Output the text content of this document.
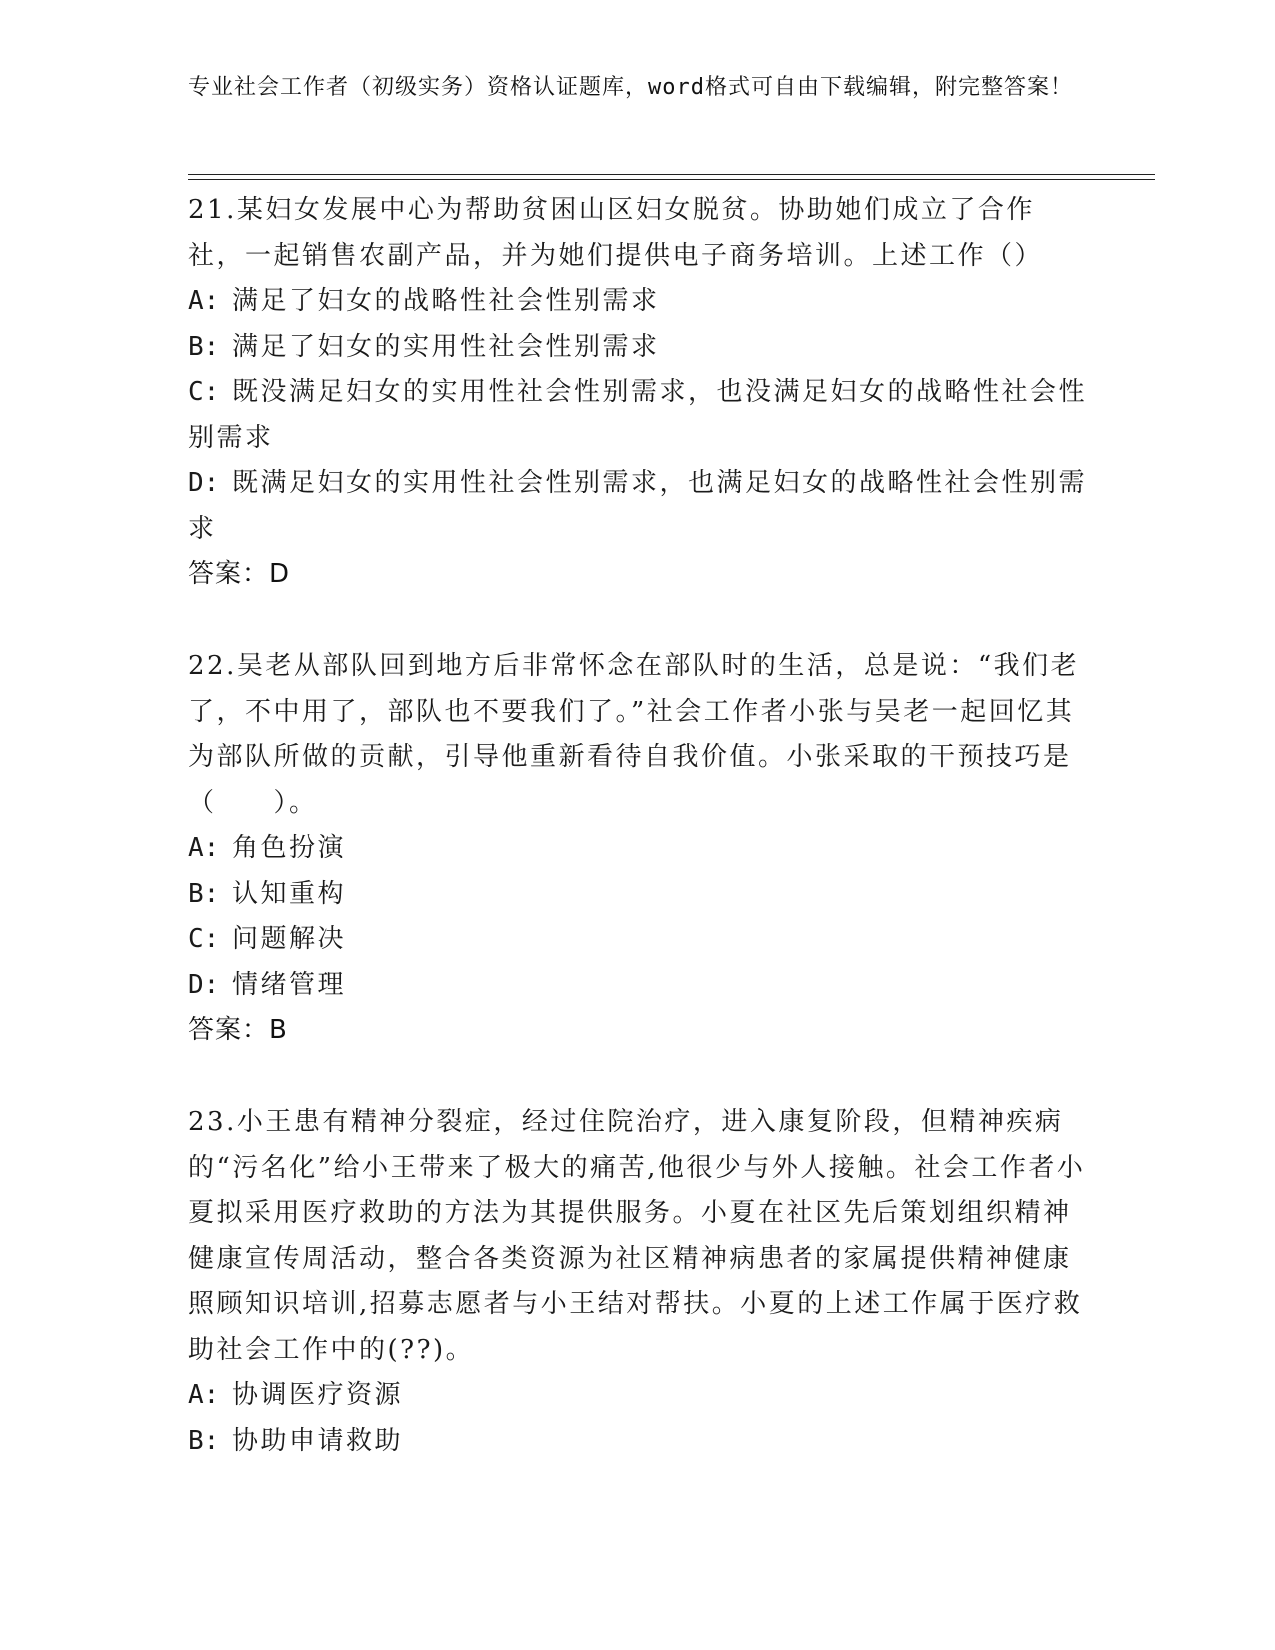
专业社会工作者（初级实务）资格认证题库，word格式可自由下载编辑，附完整答案！

21.某妇女发展中心为帮助贫困山区妇女脱贫。协助她们成立了合作社，一起销售农副产品，并为她们提供电子商务培训。上述工作（）

A: 满足了妇女的战略性社会性别需求

B: 满足了妇女的实用性社会性别需求

C: 既没满足妇女的实用性社会性别需求，也没满足妇女的战略性社会性别需求

D: 既满足妇女的实用性社会性别需求，也满足妇女的战略性社会性别需求

答案：D

22.吴老从部队回到地方后非常怀念在部队时的生活，总是说：“我们老了，不中用了，部队也不要我们了。”社会工作者小张与吴老一起回忆其为部队所做的贡献，引导他重新看待自我价值。小张采取的干预技巧是（　　）。

A: 角色扮演

B: 认知重构

C: 问题解决

D: 情绪管理

答案：B

23.小王患有精神分裂症，经过住院治疗，进入康复阶段，但精神疾病的“污名化”给小王带来了极大的痛苦,他很少与外人接触。社会工作者小夏拟采用医疗救助的方法为其提供服务。小夏在社区先后策划组织精神健康宣传周活动，整合各类资源为社区精神病患者的家属提供精神健康照顾知识培训,招募志愿者与小王结对帮扶。小夏的上述工作属于医疗救助社会工作中的(??)。

A: 协调医疗资源

B: 协助申请救助
